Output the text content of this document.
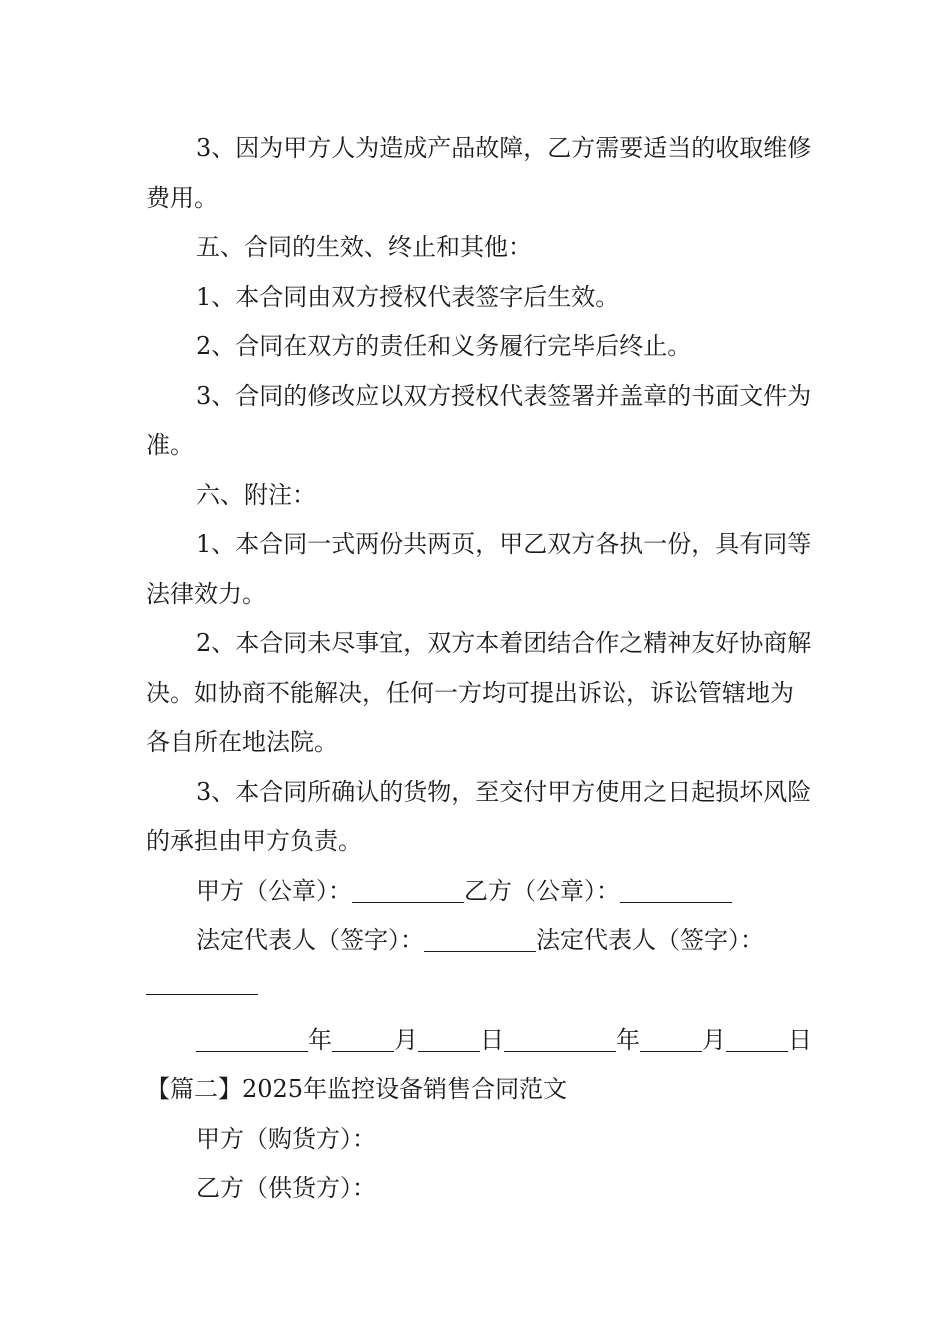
3、因为甲方人为造成产品故障，乙方需要适当的收取维修费用。

五、合同的生效、终止和其他：

1、本合同由双方授权代表签字后生效。

2、合同在双方的责任和义务履行完毕后终止。

3、合同的修改应以双方授权代表签署并盖章的书面文件为准。

六、附注：

1、本合同一式两份共两页，甲乙双方各执一份，具有同等法律效力。

2、本合同未尽事宜，双方本着团结合作之精神友好协商解决。如协商不能解决，任何一方均可提出诉讼，诉讼管辖地为各自所在地法院。

3、本合同所确认的货物，至交付甲方使用之日起损坏风险的承担由甲方负责。

甲方（公章）：	乙方（公章）：

法定代表人（签字）：	法定代表人（签字）：

年	月	日	年	月	日

【篇二】2025年监控设备销售合同范文

甲方（购货方）：

乙方（供货方）：
